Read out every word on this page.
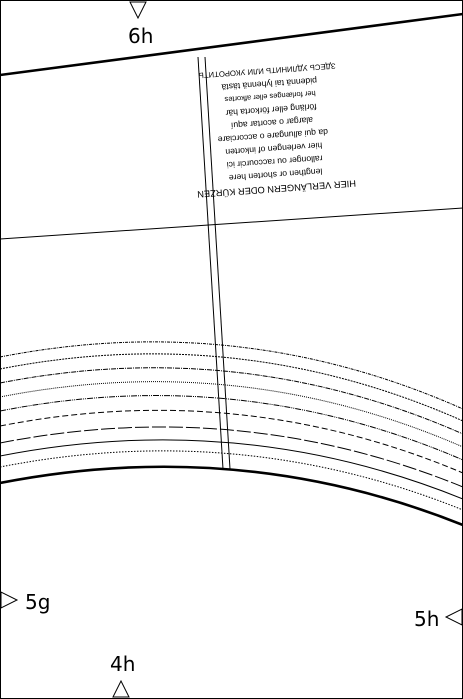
HIER VERLÄNGERN ODER KÜRZEN lengthen or shorten here rallonger ou raccourcir ici hier verlengen of inkorten da qui allungare o accorciare alargar o acortar aquí förläng eller förkorta här her forlænges eller afkortes pidennä tai lyhennä tästä ЗДЕСЬ УДЛИНИТЬ ИЛИ УКОРОТИТЬ
6h
5g
5h
4h
